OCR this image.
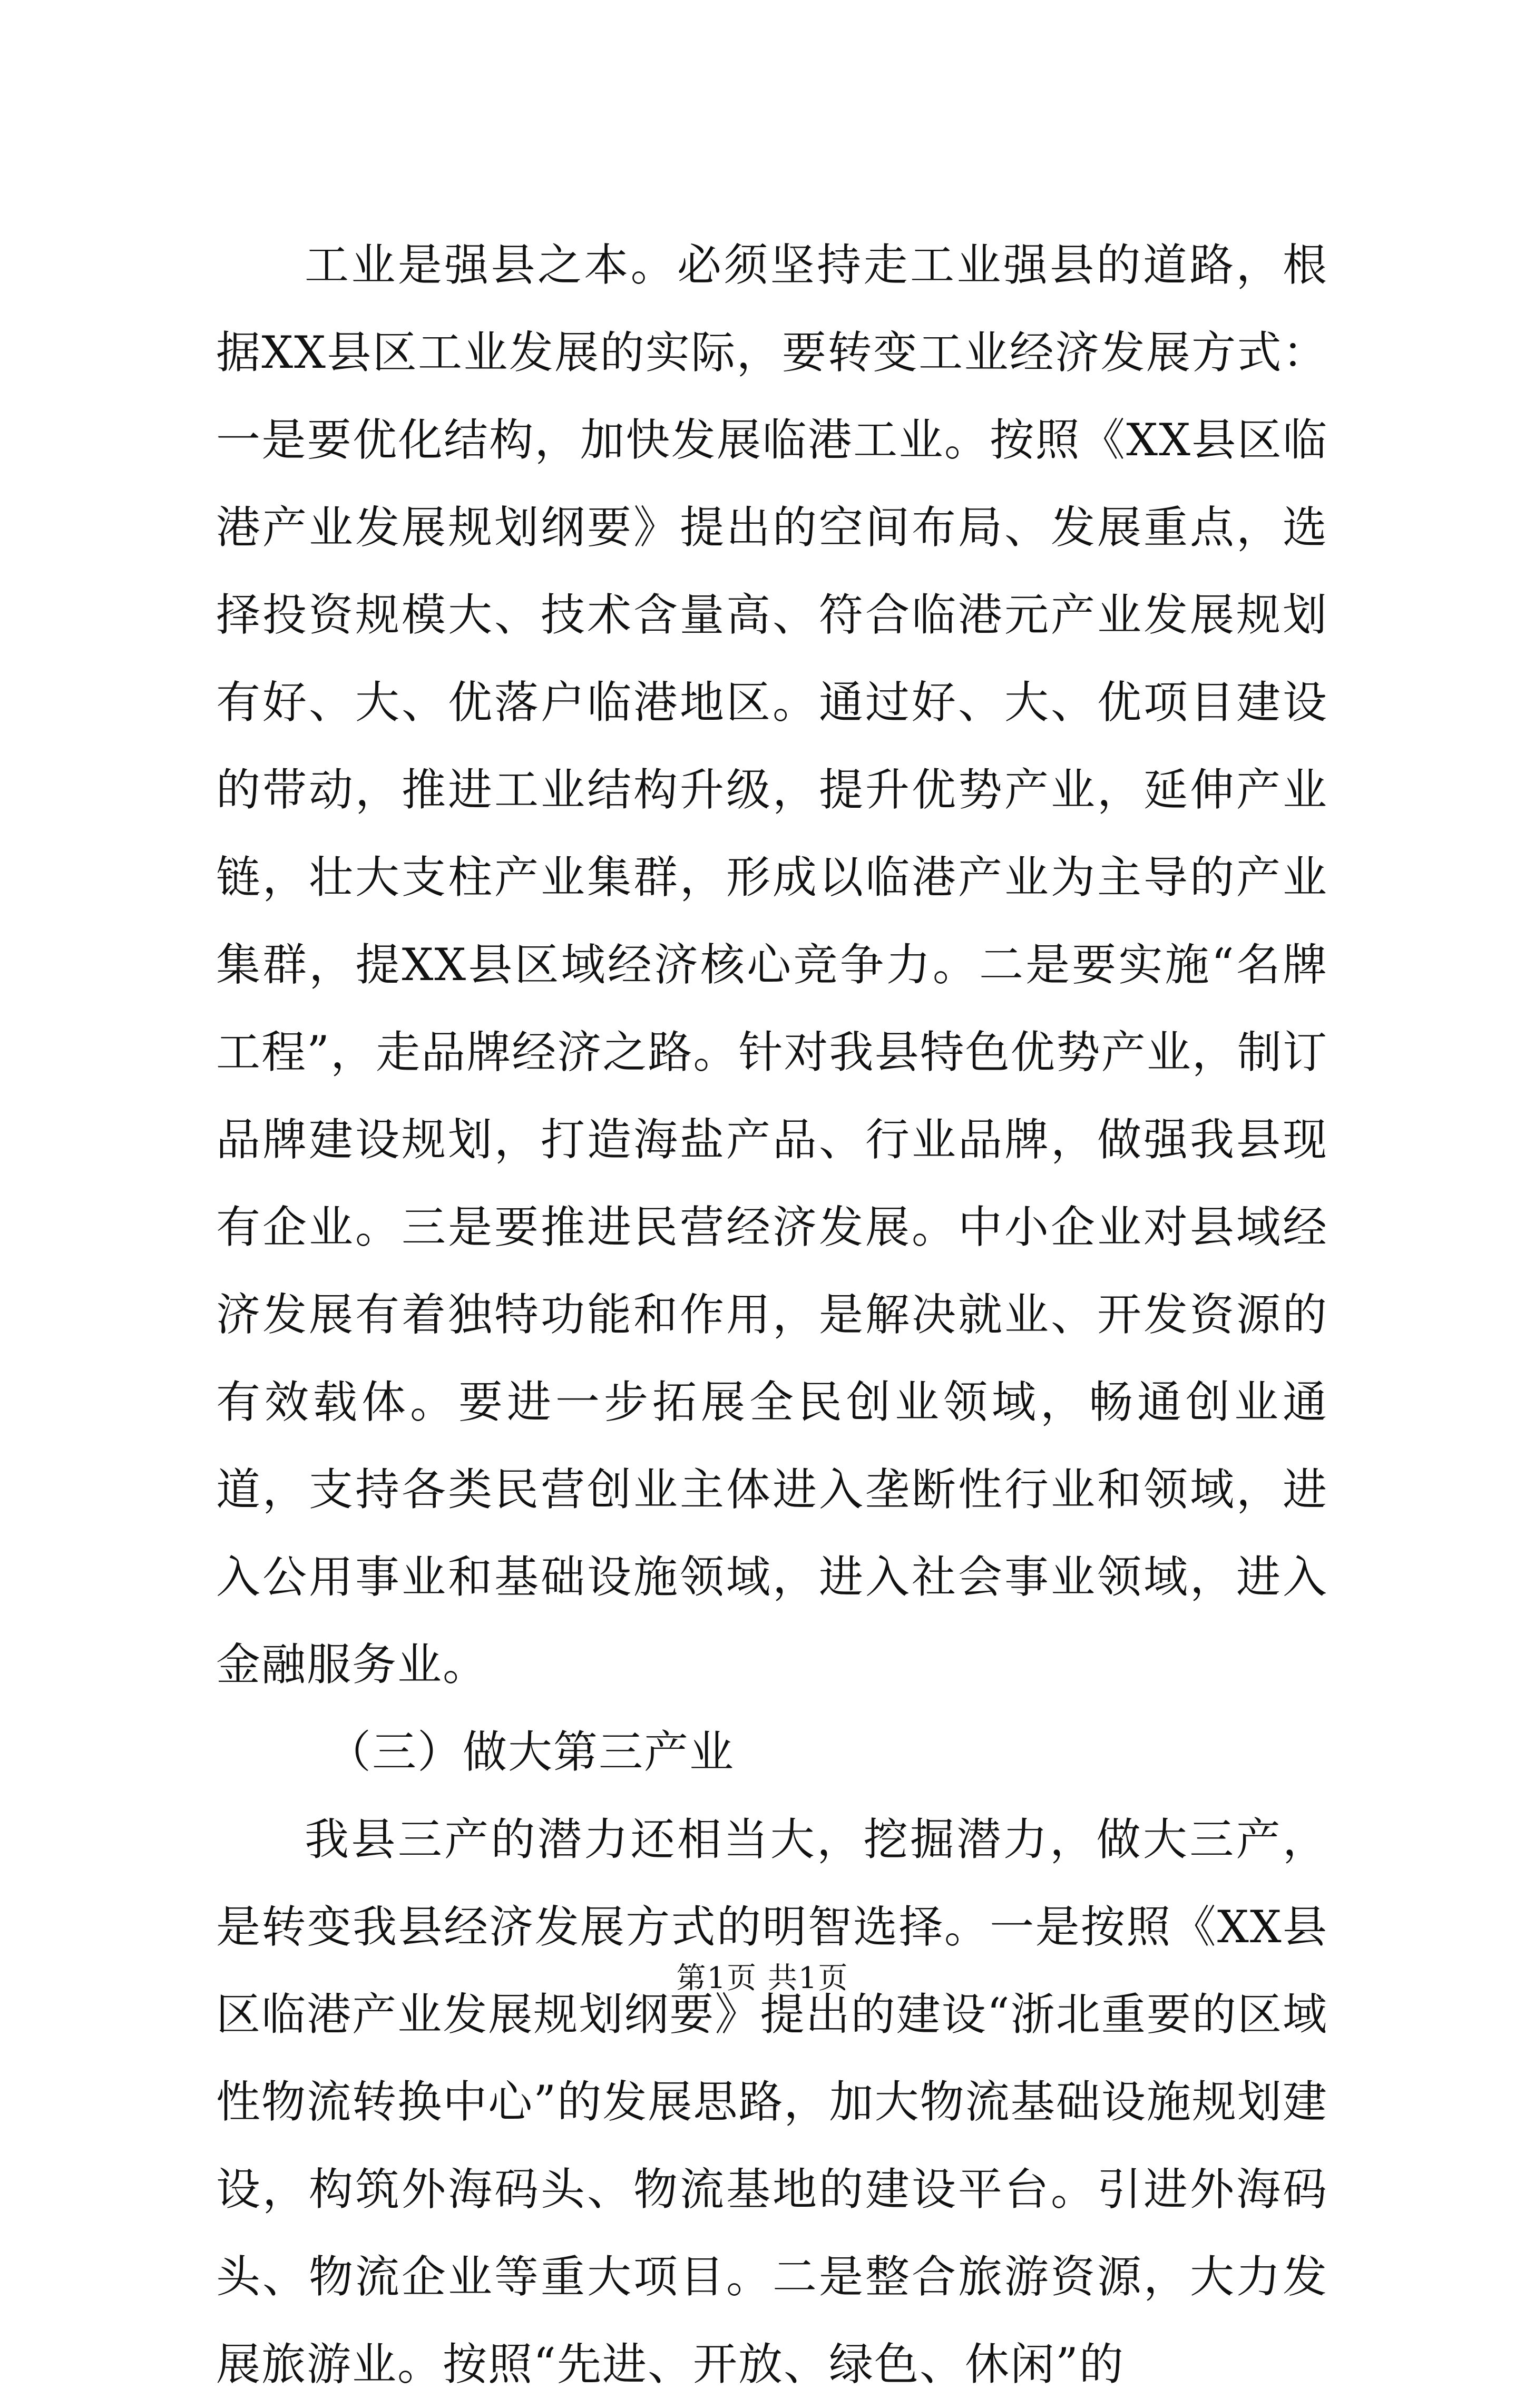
工业是强县之本。必须坚持走工业强县的道路，根据XX县区工业发展的实际，要转变工业经济发展方式：一是要优化结构，加快发展临港工业。按照《XX县区临港产业发展规划纲要》提出的空间布局、发展重点，选择投资规模大、技术含量高、符合临港元产业发展规划有好、大、优落户临港地区。通过好、大、优项目建设的带动，推进工业结构升级，提升优势产业，延伸产业链，壮大支柱产业集群，形成以临港产业为主导的产业集群，提XX县区域经济核心竞争力。二是要实施“名牌工程”，走品牌经济之路。针对我县特色优势产业，制订品牌建设规划，打造海盐产品、行业品牌，做强我县现有企业。三是要推进民营经济发展。中小企业对县域经济发展有着独特功能和作用，是解决就业、开发资源的有效载体。要进一步拓展全民创业领域，畅通创业通道，支持各类民营创业主体进入垄断性行业和领域，进入公用事业和基础设施领域，进入社会事业领域，进入金融服务业。

（三）做大第三产业

我县三产的潜力还相当大，挖掘潜力，做大三产，是转变我县经济发展方式的明智选择。一是按照《XX县区临港产业发展规划纲要》提出的建设“浙北重要的区域性物流转换中心”的发展思路，加大物流基础设施规划建设，构筑外海码头、物流基地的建设平台。引进外海码头、物流企业等重大项目。二是整合旅游资源，大力发展旅游业。按照“先进、开放、绿色、休闲”的

第1页 共1页
